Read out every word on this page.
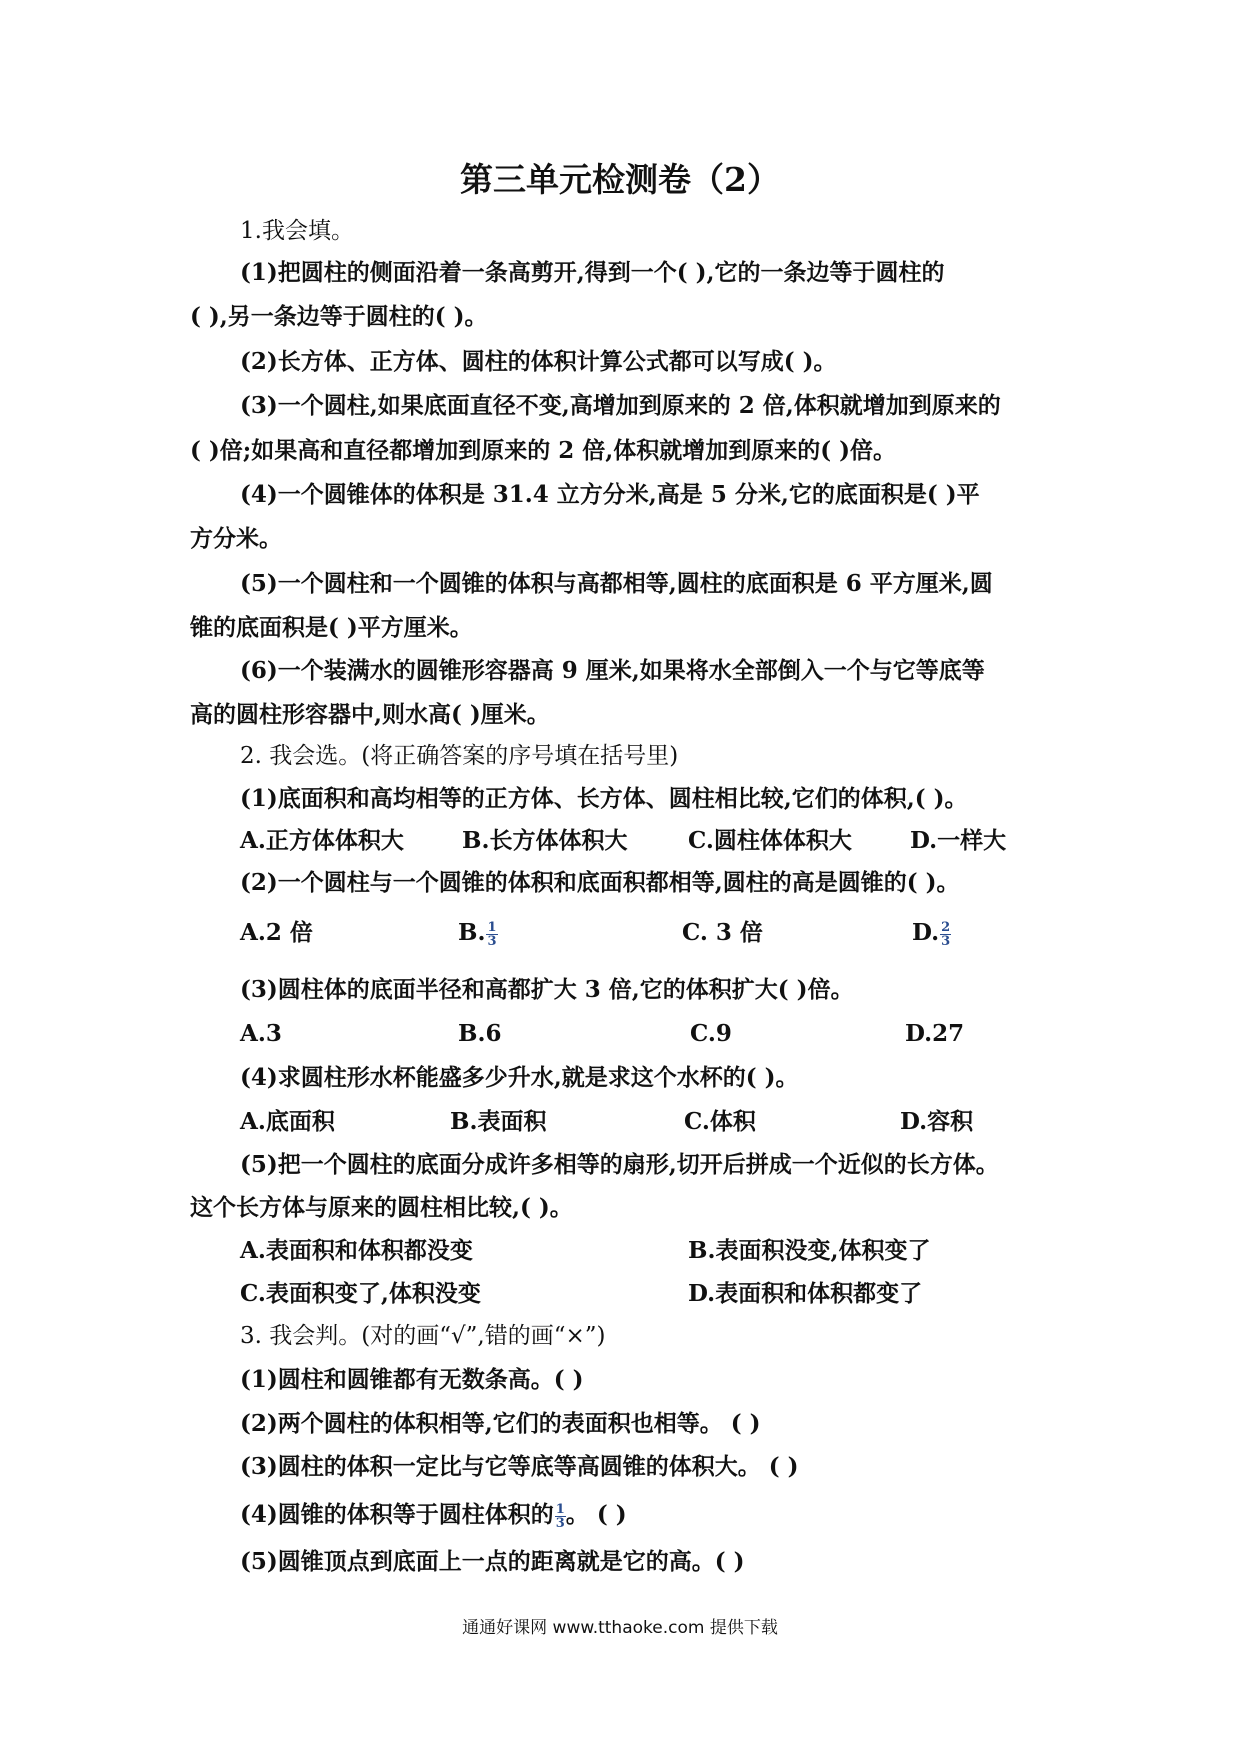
第三单元检测卷（2）
1.我会填。
(1)把圆柱的侧面沿着一条高剪开,得到一个( ),它的一条边等于圆柱的
( ),另一条边等于圆柱的( )。
(2)长方体、正方体、圆柱的体积计算公式都可以写成( )。
(3)一个圆柱,如果底面直径不变,高增加到原来的 2 倍,体积就增加到原来的
( )倍;如果高和直径都增加到原来的 2 倍,体积就增加到原来的( )倍。
(4)一个圆锥体的体积是 31.4 立方分米,高是 5 分米,它的底面积是( )平
方分米。
(5)一个圆柱和一个圆锥的体积与高都相等,圆柱的底面积是 6 平方厘米,圆
锥的底面积是( )平方厘米。
(6)一个装满水的圆锥形容器高 9 厘米,如果将水全部倒入一个与它等底等
高的圆柱形容器中,则水高( )厘米。
2. 我会选。(将正确答案的序号填在括号里)
(1)底面积和高均相等的正方体、长方体、圆柱相比较,它们的体积,( )。
A.正方体体积大	B.长方体体积大	C.圆柱体体积大	D.一样大
(2)一个圆柱与一个圆锥的体积和底面积都相等,圆柱的高是圆锥的( )。
A.2 倍	B. $\frac{1}{3}$	C. 3 倍	D. $\frac{2}{3}$
(3)圆柱体的底面半径和高都扩大 3 倍,它的体积扩大( )倍。
A.3	B.6	C.9	D.27
(4)求圆柱形水杯能盛多少升水,就是求这个水杯的( )。
A.底面积	B.表面积	C.体积	D.容积
(5)把一个圆柱的底面分成许多相等的扇形,切开后拼成一个近似的长方体。
这个长方体与原来的圆柱相比较,( )。
A.表面积和体积都没变	B.表面积没变,体积变了
C.表面积变了,体积没变	D.表面积和体积都变了
3. 我会判。(对的画“√”,错的画“×”)
(1)圆柱和圆锥都有无数条高。( )
(2)两个圆柱的体积相等,它们的表面积也相等。 ( )
(3)圆柱的体积一定比与它等底等高圆锥的体积大。 ( )
(4)圆锥的体积等于圆柱体积的 $\frac{1}{3}$ 。 ( )
(5)圆锥顶点到底面上一点的距离就是它的高。( )
通通好课网 www.tthaoke.com 提供下载
